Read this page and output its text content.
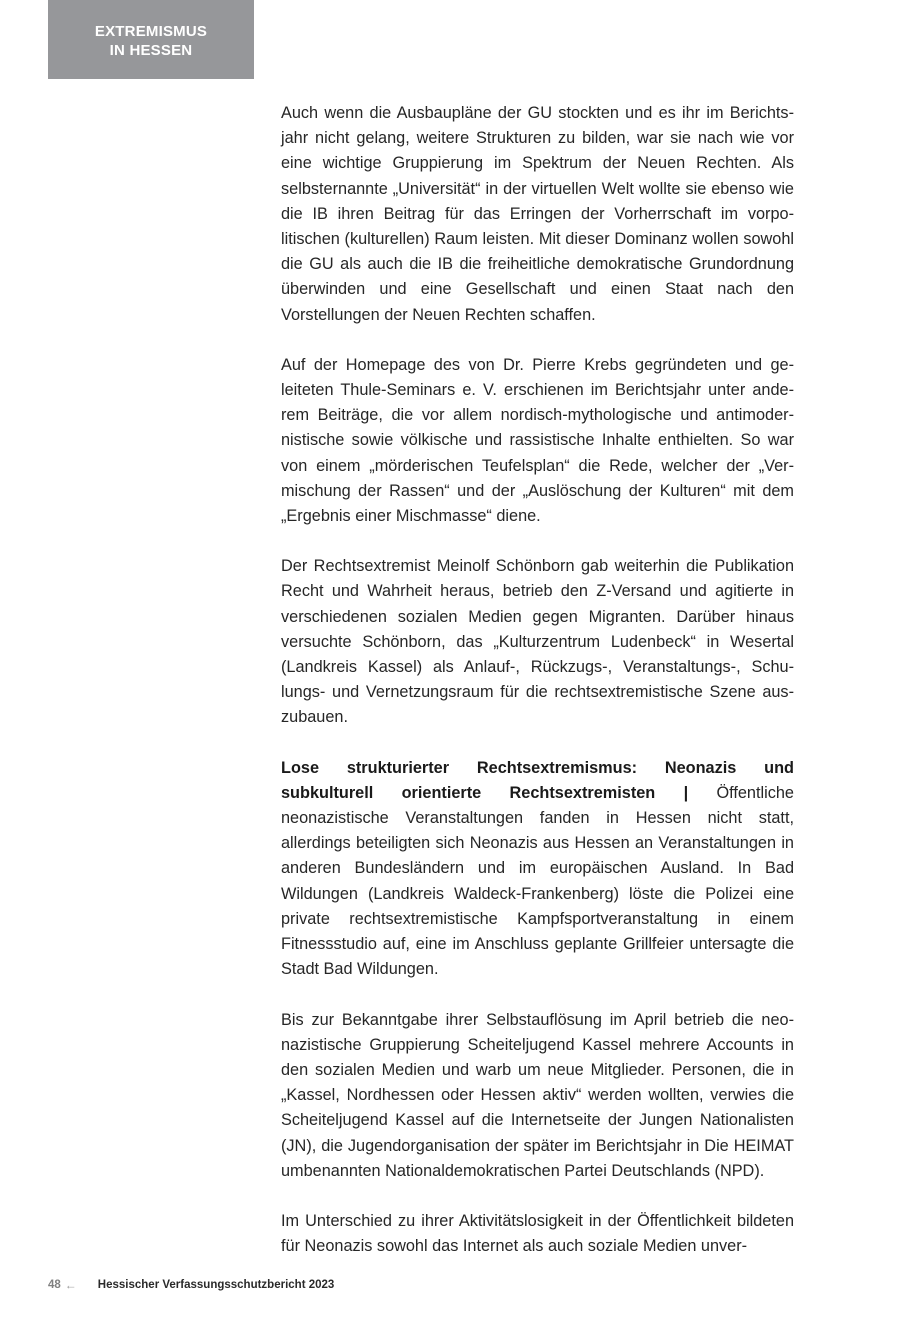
EXTREMISMUS
IN HESSEN

Auch wenn die Ausbaupläne der GU stockten und es ihr im Berichtsjahr nicht gelang, weitere Strukturen zu bilden, war sie nach wie vor eine wichtige Gruppierung im Spektrum der Neuen Rechten. Als selbsternannte „Universität“ in der virtuellen Welt wollte sie ebenso wie die IB ihren Beitrag für das Erringen der Vorherrschaft im vorpolitischen (kulturellen) Raum leisten. Mit dieser Dominanz wollen sowohl die GU als auch die IB die freiheitliche demokratische Grundordnung überwinden und eine Gesellschaft und einen Staat nach den Vorstellungen der Neuen Rechten schaffen.

Auf der Homepage des von Dr. Pierre Krebs gegründeten und geleiteten Thule-Seminars e. V. erschienen im Berichtsjahr unter anderem Beiträge, die vor allem nordisch-mythologische und antimodernistische sowie völkische und rassistische Inhalte enthielten. So war von einem „mörderischen Teufelsplan“ die Rede, welcher der „Vermischung der Rassen“ und der „Auslöschung der Kulturen“ mit dem „Ergebnis einer Mischmasse“ diene.

Der Rechtsextremist Meinolf Schönborn gab weiterhin die Publikation Recht und Wahrheit heraus, betrieb den Z-Versand und agitierte in verschiedenen sozialen Medien gegen Migranten. Darüber hinaus versuchte Schönborn, das „Kulturzentrum Ludenbeck“ in Wesertal (Landkreis Kassel) als Anlauf-, Rückzugs-, Veranstaltungs-, Schulungs- und Vernetzungsraum für die rechtsextremistische Szene auszubauen.

Lose strukturierter Rechtsextremismus: Neonazis und subkulturell orientierte Rechtsextremisten | Öffentliche neonazistische Veranstaltungen fanden in Hessen nicht statt, allerdings beteiligten sich Neonazis aus Hessen an Veranstaltungen in anderen Bundesländern und im europäischen Ausland. In Bad Wildungen (Landkreis Waldeck-Frankenberg) löste die Polizei eine private rechtsextremistische Kampfsportveranstaltung in einem Fitnessstudio auf, eine im Anschluss geplante Grillfeier untersagte die Stadt Bad Wildungen.

Bis zur Bekanntgabe ihrer Selbstauflösung im April betrieb die neonazistische Gruppierung Scheiteljugend Kassel mehrere Accounts in den sozialen Medien und warb um neue Mitglieder. Personen, die in „Kassel, Nordhessen oder Hessen aktiv“ werden wollten, verwies die Scheiteljugend Kassel auf die Internetseite der Jungen Nationalisten (JN), die Jugendorganisation der später im Berichtsjahr in Die HEIMAT umbenannten Nationaldemokratischen Partei Deutschlands (NPD).

Im Unterschied zu ihrer Aktivitätslosigkeit in der Öffentlichkeit bildeten für Neonazis sowohl das Internet als auch soziale Medien unver-

48 ← Hessischer Verfassungsschutzbericht 2023
